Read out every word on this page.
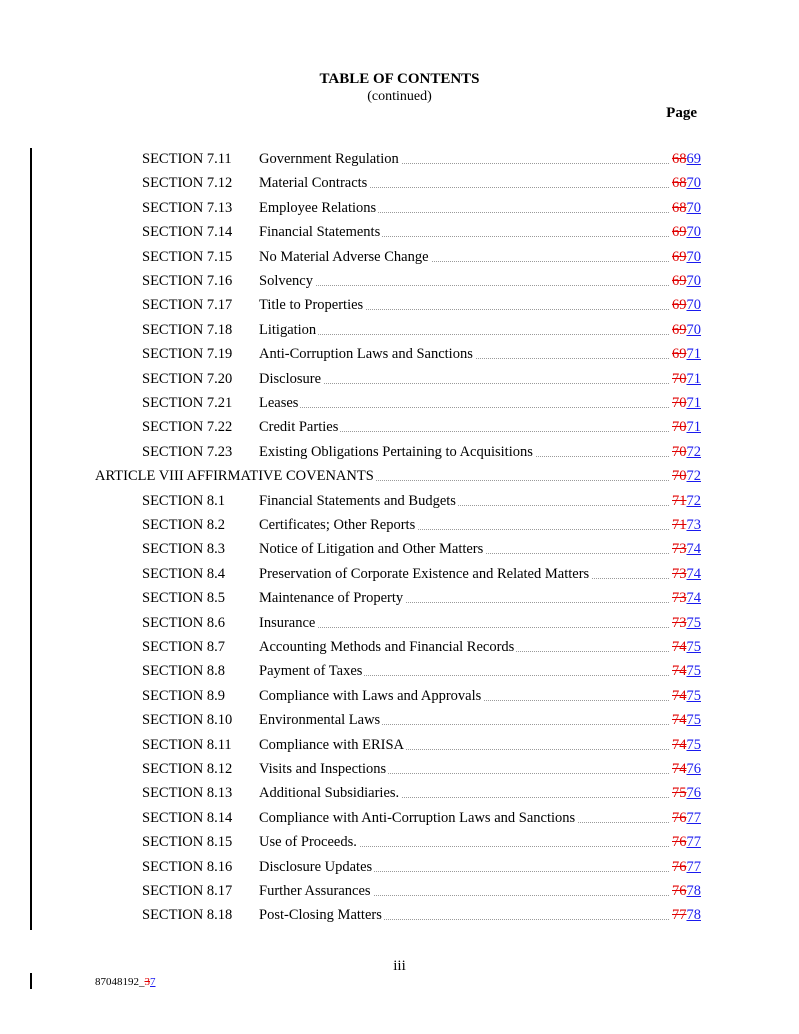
TABLE OF CONTENTS
(continued)
Page
SECTION 7.11 Government Regulation	6869
SECTION 7.12 Material Contracts	6870
SECTION 7.13 Employee Relations	6870
SECTION 7.14 Financial Statements	6970
SECTION 7.15 No Material Adverse Change	6970
SECTION 7.16 Solvency	6970
SECTION 7.17 Title to Properties	6970
SECTION 7.18 Litigation	6970
SECTION 7.19 Anti-Corruption Laws and Sanctions	6971
SECTION 7.20 Disclosure	7071
SECTION 7.21 Leases	7071
SECTION 7.22 Credit Parties	7071
SECTION 7.23 Existing Obligations Pertaining to Acquisitions	7072
ARTICLE VIII AFFIRMATIVE COVENANTS	7072
SECTION 8.1 Financial Statements and Budgets	7172
SECTION 8.2 Certificates; Other Reports	7173
SECTION 8.3 Notice of Litigation and Other Matters	7374
SECTION 8.4 Preservation of Corporate Existence and Related Matters	7374
SECTION 8.5 Maintenance of Property	7374
SECTION 8.6 Insurance	7375
SECTION 8.7 Accounting Methods and Financial Records	7475
SECTION 8.8 Payment of Taxes	7475
SECTION 8.9 Compliance with Laws and Approvals	7475
SECTION 8.10 Environmental Laws	7475
SECTION 8.11 Compliance with ERISA	7475
SECTION 8.12 Visits and Inspections	7476
SECTION 8.13 Additional Subsidiaries.	7576
SECTION 8.14 Compliance with Anti-Corruption Laws and Sanctions	7677
SECTION 8.15 Use of Proceeds.	7677
SECTION 8.16 Disclosure Updates	7677
SECTION 8.17 Further Assurances	7678
SECTION 8.18 Post-Closing Matters	7778
iii
87048192_37
